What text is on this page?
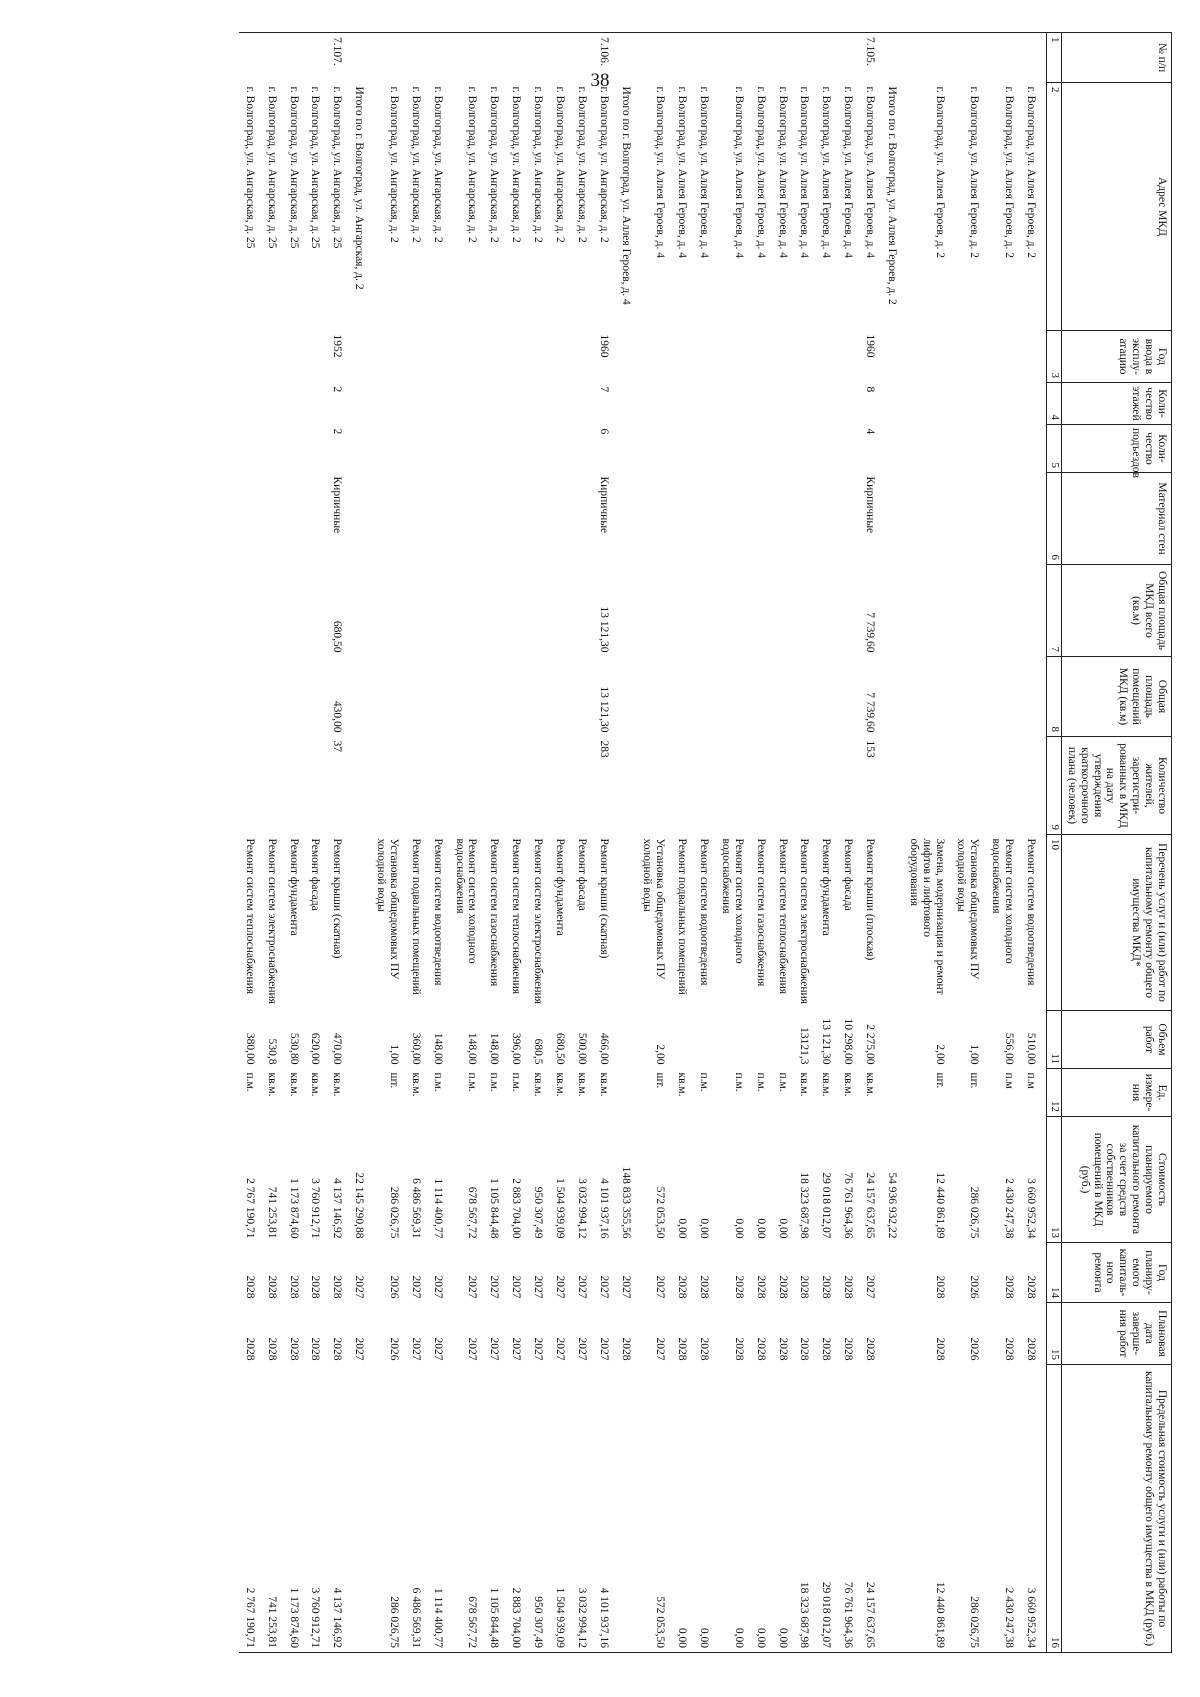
38
№ п/п	Адрес МКД	Год ввода в эксплу-атацию	Коли-чество этажей	Коли-чество подъездов	Материал стен	Общая площадь МКД всего (кв.м)	Общая площадь помещений МКД (кв.м)	Количество жителей, зарегистри-рованных в МКД на дату утверждения краткосрочного плана (человек)	Перечень услуг и (или) работ по капитальному ремонту общего имущества МКД*	Объем работ	Ед. измере-ния	Стоимость планируемого капитального ремонта за счет средств собственников помещений в МКД (руб.)	Год планиру-емого капиталь-ного ремонта	Плановая дата заверше-ния работ	Предельная стоимость услуги и (или) работы по капитальному ремонту общего имущества в МКД (руб.)
1	2	3	4	5	6	7	8	9	10	11	12	13	14	15	16
	г. Волгоград, ул. Аллея Героев, д. 2								Ремонт систем водоотведения	510,00	п.м	3 660 952,34	2028	2028	3 660 952,34
	г. Волгоград, ул. Аллея Героев, д. 2								Ремонт систем холодного водоснабжения	556,00	п.м	2 430 247,38	2028	2028	2 430 247,38
	г. Волгоград, ул. Аллея Героев, д. 2								Установка общедомовых ПУ холодной воды	1,00	шт.	286 026,75	2026	2026	286 026,75
	г. Волгоград, ул. Аллея Героев, д. 2								Замена, модернизация и ремонт лифтов и лифтового оборудования	2,00	шт.	12 440 861,89	2028	2028	12 440 861,89
	Итого по г. Волгоград, ул. Аллея Героев, д. 2											54 936 932,22			
7.105.	г. Волгоград, ул. Аллея Героев, д. 4	1960	8	4	Кирпичные	7 739,60	7 739,60	153	Ремонт крыши (плоская)	2 275,00	кв.м.	24 157 637,65	2027	2028	24 157 637,65
	г. Волгоград, ул. Аллея Героев, д. 4								Ремонт фасада	10 298,00	кв.м.	76 761 964,36	2028	2028	76 761 964,36
	г. Волгоград, ул. Аллея Героев, д. 4								Ремонт фундамента	13 121,30	кв.м.	29 018 012,07	2028	2028	29 018 012,07
	г. Волгоград, ул. Аллея Героев, д. 4								Ремонт систем электроснабжения	13121,3	кв.м.	18 323 687,98	2028	2028	18 323 687,98
	г. Волгоград, ул. Аллея Героев, д. 4								Ремонт систем теплоснабжения		п.м.	0,00	2028	2028	0,00
	г. Волгоград, ул. Аллея Героев, д. 4								Ремонт систем газоснабжения		п.м.	0,00	2028	2028	0,00
	г. Волгоград, ул. Аллея Героев, д. 4								Ремонт систем холодного водоснабжения		п.м.	0,00	2028	2028	0,00
	г. Волгоград, ул. Аллея Героев, д. 4								Ремонт систем водоотведения		п.м.	0,00	2028	2028	0,00
	г. Волгоград, ул. Аллея Героев, д. 4								Ремонт подвальных помещений		кв.м.	0,00	2028	2028	0,00
	г. Волгоград, ул. Аллея Героев, д. 4								Установка общедомовых ПУ холодной воды	2,00	шт.	572 053,50	2027	2027	572 053,50
	Итого по г. Волгоград, ул. Аллея Героев, д. 4											148 833 355,56	2027	2028	
7.106.	г. Волгоград, ул. Ангарская, д. 2	1960	7	6	Кирпичные	13 121,30	13 121,30	283	Ремонт крыши (скатная)	466,00	кв.м.	4 101 937,16	2027	2027	4 101 937,16
	г. Волгоград, ул. Ангарская, д. 2								Ремонт фасада	500,00	кв.м.	3 032 994,12	2027	2027	3 032 994,12
	г. Волгоград, ул. Ангарская, д. 2								Ремонт фундамента	680,50	кв.м.	1 504 939,09	2027	2027	1 504 939,09
	г. Волгоград, ул. Ангарская, д. 2								Ремонт систем электроснабжения	680,5	кв.м.	950 307,49	2027	2027	950 307,49
	г. Волгоград, ул. Ангарская, д. 2								Ремонт систем теплоснабжения	396,00	п.м.	2 883 704,00	2027	2027	2 883 704,00
	г. Волгоград, ул. Ангарская, д. 2								Ремонт систем газоснабжения	148,00	п.м.	1 105 844,48	2027	2027	1 105 844,48
	г. Волгоград, ул. Ангарская, д. 2								Ремонт систем холодного водоснабжения	148,00	п.м.	678 567,72	2027	2027	678 567,72
	г. Волгоград, ул. Ангарская, д. 2								Ремонт систем водоотведения	148,00	п.м.	1 114 400,77	2027	2027	1 114 400,77
	г. Волгоград, ул. Ангарская, д. 2								Ремонт подвальных помещений	360,00	кв.м.	6 486 569,31	2027	2027	6 486 569,31
	г. Волгоград, ул. Ангарская, д. 2								Установка общедомовых ПУ холодной воды	1,00	шт.	286 026,75	2026	2026	286 026,75
	Итого по г. Волгоград, ул. Ангарская, д. 2											22 145 290,88	2027	2027	
7.107.	г. Волгоград, ул. Ангарская, д. 25	1952	2	2	Кирпичные	680,50	430,00	37	Ремонт крыши (скатная)	470,00	кв.м.	4 137 146,92	2028	2028	4 137 146,92
	г. Волгоград, ул. Ангарская, д. 25								Ремонт фасада	620,00	кв.м.	3 760 912,71	2028	2028	3 760 912,71
	г. Волгоград, ул. Ангарская, д. 25								Ремонт фундамента	530,80	кв.м.	1 173 874,60	2028	2028	1 173 874,60
	г. Волгоград, ул. Ангарская, д. 25								Ремонт систем электроснабжения	530,8	кв.м.	741 253,81	2028	2028	741 253,81
	г. Волгоград, ул. Ангарская, д. 25								Ремонт систем теплоснабжения	380,00	п.м.	2 767 190,71	2028	2028	2 767 190,71
